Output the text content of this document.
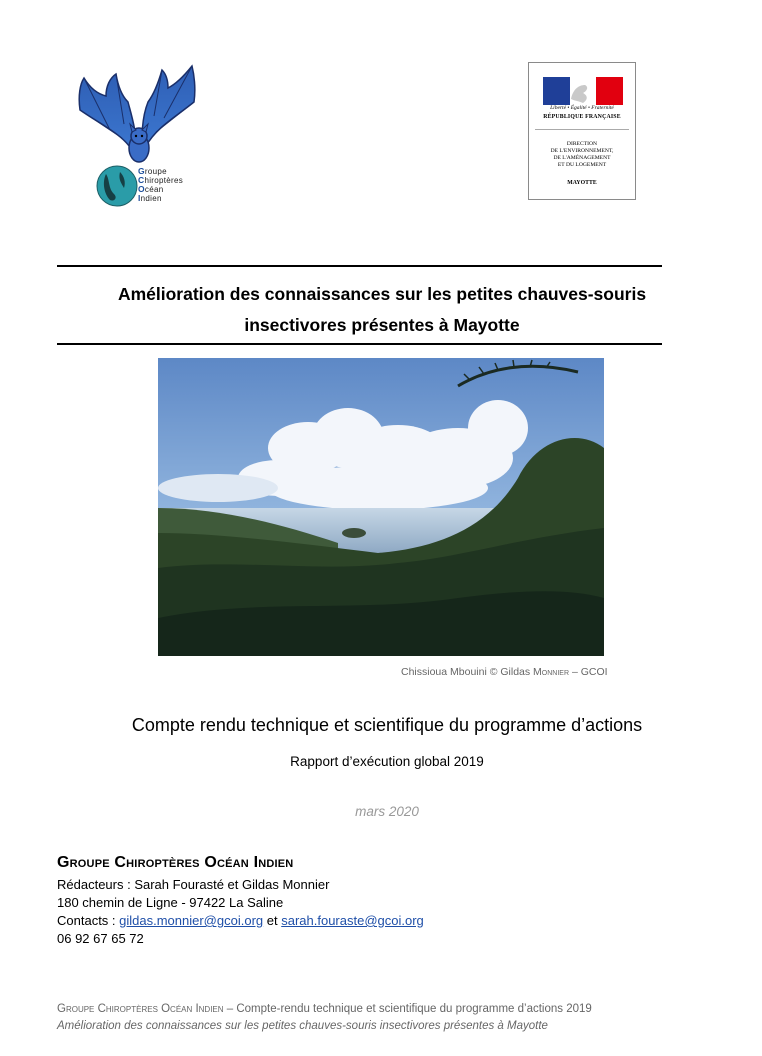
Groupe
Chiroptères
Océan
Indien
Liberté • Égalité • Fraternité
RÉPUBLIQUE FRANÇAISE
DIRECTION
DE L'ENVIRONNEMENT,
DE L'AMÉNAGEMENT
ET DU LOGEMENT
MAYOTTE
Amélioration des connaissances sur les petites chauves-souris
insectivores présentes à Mayotte
Chissioua Mbouini © Gildas Monnier – GCOI
Compte rendu technique et scientifique du programme d’actions
Rapport d’exécution global 2019
mars 2020
Groupe Chiroptères Océan Indien
Rédacteurs : Sarah Fourasté et Gildas Monnier
180 chemin de Ligne - 97422 La Saline
Contacts : gildas.monnier@gcoi.org et sarah.fouraste@gcoi.org
06 92 67 65 72
Groupe Chiroptères Océan Indien – Compte-rendu technique et scientifique du programme d’actions 2019
Amélioration des connaissances sur les petites chauves-souris insectivores présentes à Mayotte
